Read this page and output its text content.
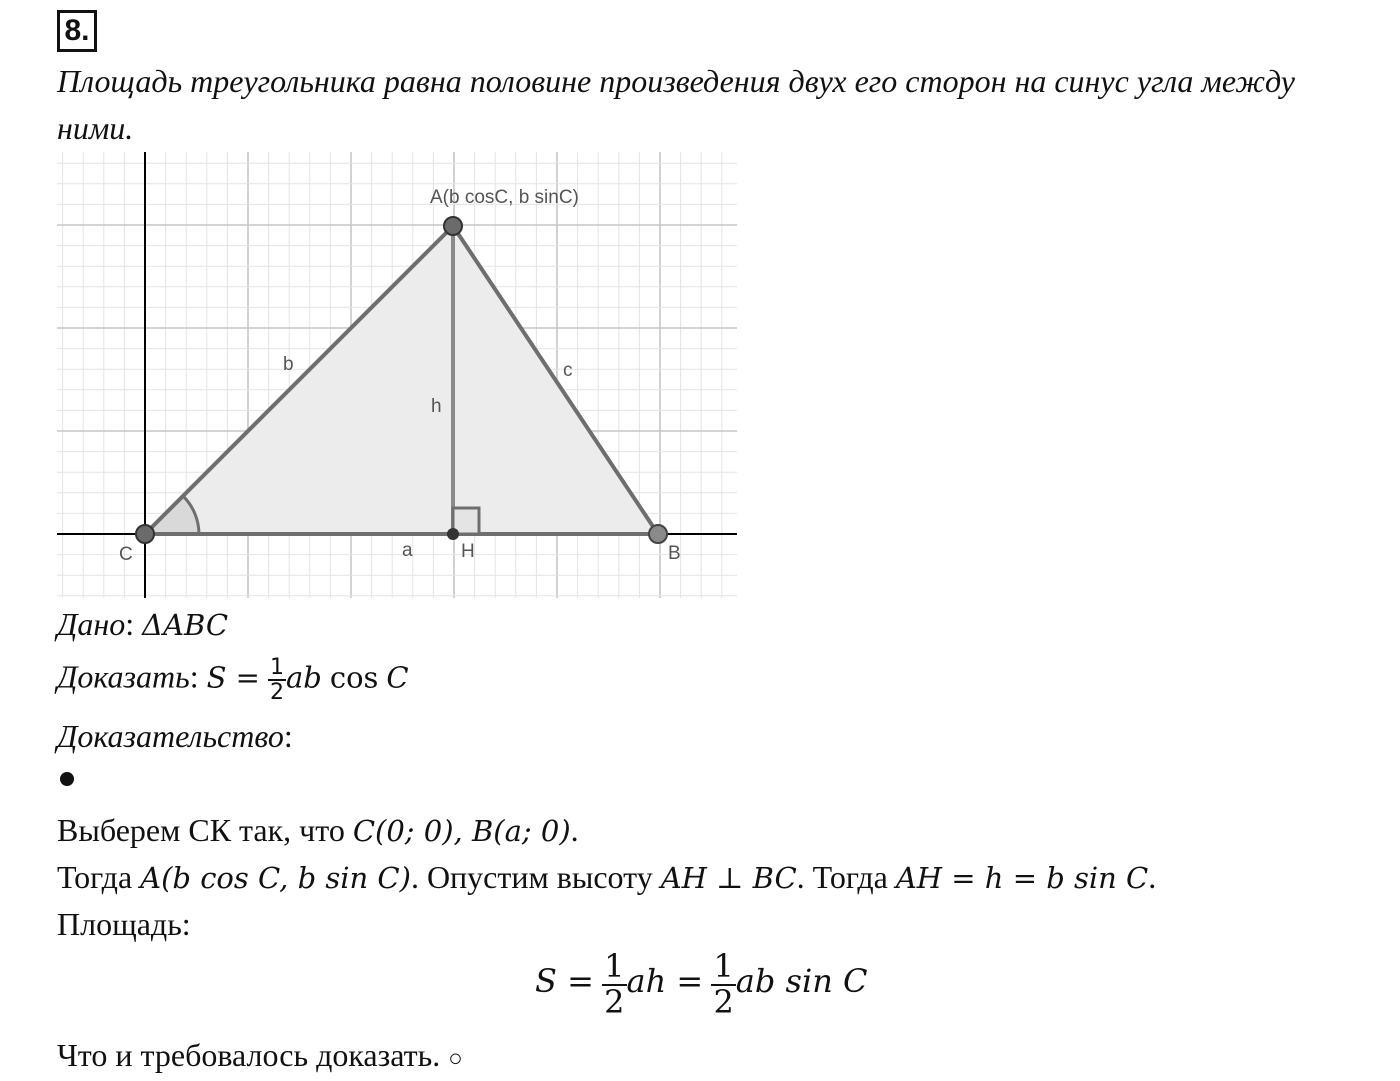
8.
Площадь треугольника равна половине произведения двух его сторон на синус угла между ними.
A(b cosC, b sinC)
b	c
h
a
C	H	B
Дано: ΔABC
Доказать: $S = \frac{1}{2}$ ab cos C
Доказательство:
Выберем СК так, что C(0; 0), B(a; 0).
Тогда A(b cos C, b sin C). Опустим высоту AH ⊥ BC. Тогда AH = h = b sin C.
Площадь:
$S = \frac{1}{2}$ ah = $\frac{1}{2}$ ab sin C
Что и требовалось доказать. ○
